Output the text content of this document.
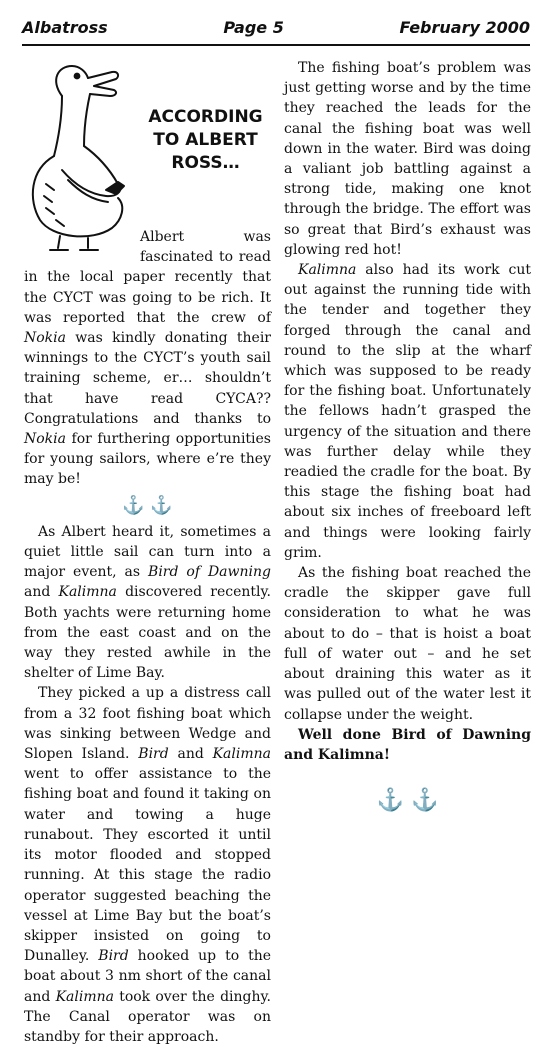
Albatross	Page 5	February 2000
ACCORDING TO ALBERT ROSS…

Albert was fascinated to read in the local paper recently that the CYCT was going to be rich. It was reported that the crew of Nokia was kindly donating their winnings to the CYCT’s youth sail training scheme, er… shouldn’t that have read CYCA?? Congratulations and thanks to Nokia for furthering opportunities for young sailors, where e’re they may be!

⚓ ⚓

As Albert heard it, sometimes a quiet little sail can turn into a major event, as Bird of Dawning and Kalimna discovered recently. Both yachts were returning home from the east coast and on the way they rested awhile in the shelter of Lime Bay.

They picked a up a distress call from a 32 foot fishing boat which was sinking between Wedge and Slopen Island. Bird and Kalimna went to offer assistance to the fishing boat and found it taking on water and towing a huge runabout. They escorted it until its motor flooded and stopped running. At this stage the radio operator suggested beaching the vessel at Lime Bay but the boat’s skipper insisted on going to Dunalley. Bird hooked up to the boat about 3 nm short of the canal and Kalimna took over the dinghy. The Canal operator was on standby for their approach.

The fishing boat’s problem was just getting worse and by the time they reached the leads for the canal the fishing boat was well down in the water. Bird was doing a valiant job battling against a strong tide, making one knot through the bridge. The effort was so great that Bird’s exhaust was glowing red hot!

Kalimna also had its work cut out against the running tide with the tender and together they forged through the canal and round to the slip at the wharf which was supposed to be ready for the fishing boat. Unfortunately the fellows hadn’t grasped the urgency of the situation and there was further delay while they readied the cradle for the boat. By this stage the fishing boat had about six inches of freeboard left and things were looking fairly grim.

As the fishing boat reached the cradle the skipper gave full consideration to what he was about to do – that is hoist a boat full of water out – and he set about draining this water as it was pulled out of the water lest it collapse under the weight.

Well done Bird of Dawning and Kalimna!

⚓ ⚓
